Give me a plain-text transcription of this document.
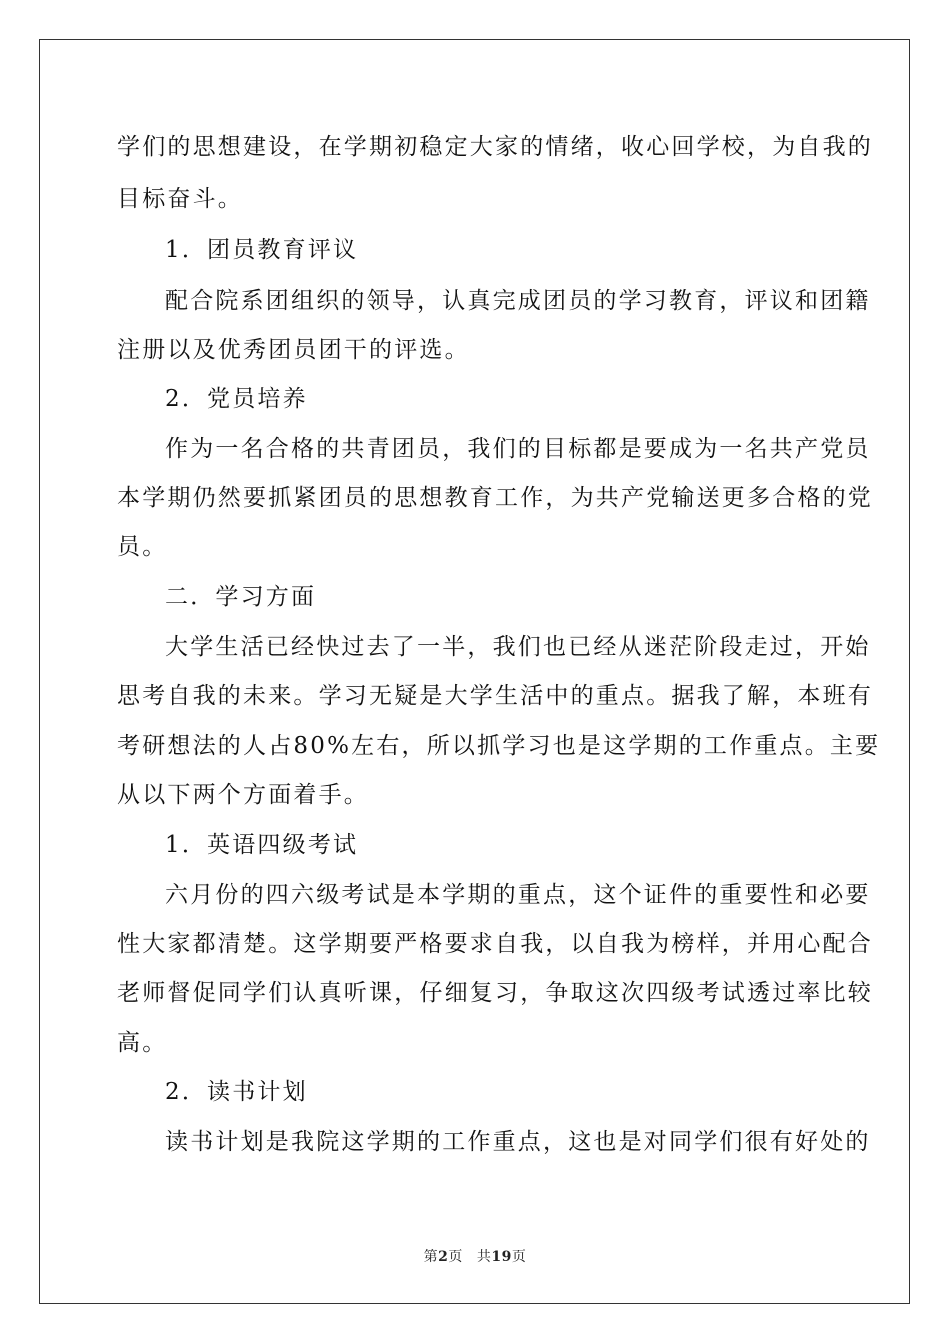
学们的思想建设，在学期初稳定大家的情绪，收心回学校，为自我的
目标奋斗。
1．团员教育评议
配合院系团组织的领导，认真完成团员的学习教育，评议和团籍
注册以及优秀团员团干的评选。
2．党员培养
作为一名合格的共青团员，我们的目标都是要成为一名共产党员
本学期仍然要抓紧团员的思想教育工作，为共产党输送更多合格的党
员。
二．学习方面
大学生活已经快过去了一半，我们也已经从迷茫阶段走过，开始
思考自我的未来。学习无疑是大学生活中的重点。据我了解，本班有
考研想法的人占80%左右，所以抓学习也是这学期的工作重点。主要
从以下两个方面着手。
1．英语四级考试
六月份的四六级考试是本学期的重点，这个证件的重要性和必要
性大家都清楚。这学期要严格要求自我，以自我为榜样，并用心配合
老师督促同学们认真听课，仔细复习，争取这次四级考试透过率比较
高。
2．读书计划
读书计划是我院这学期的工作重点，这也是对同学们很有好处的
第2页 共19页
